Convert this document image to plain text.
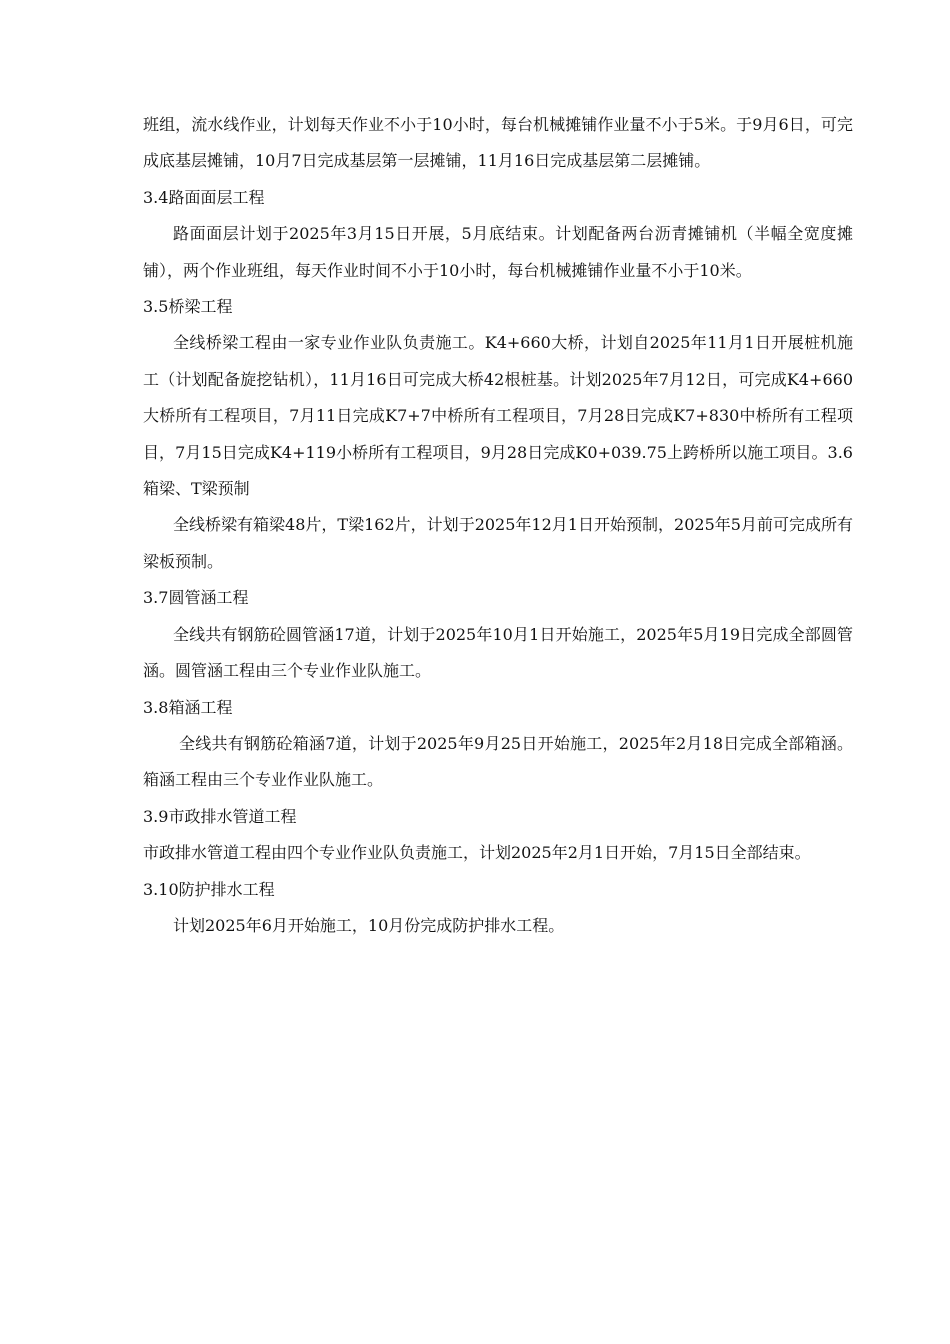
班组，流水线作业，计划每天作业不小于10小时，每台机械摊铺作业量不小于5米。于9月6日，可完成底基层摊铺，10月7日完成基层第一层摊铺，11月16日完成基层第二层摊铺。

3.4路面面层工程

路面面层计划于2025年3月15日开展，5月底结束。计划配备两台沥青摊铺机（半幅全宽度摊铺），两个作业班组，每天作业时间不小于10小时，每台机械摊铺作业量不小于10米。

3.5桥梁工程

全线桥梁工程由一家专业作业队负责施工。K4+660大桥，计划自2025年11月1日开展桩机施工（计划配备旋挖钻机），11月16日可完成大桥42根桩基。计划2025年7月12日，可完成K4+660大桥所有工程项目，7月11日完成K7+7中桥所有工程项目，7月28日完成K7+830中桥所有工程项目，7月15日完成K4+119小桥所有工程项目，9月28日完成K0+039.75上跨桥所以施工项目。3.6箱梁、T梁预制

全线桥梁有箱梁48片，T梁162片，计划于2025年12月1日开始预制，2025年5月前可完成所有梁板预制。

3.7圆管涵工程

全线共有钢筋砼圆管涵17道，计划于2025年10月1日开始施工，2025年5月19日完成全部圆管涵。圆管涵工程由三个专业作业队施工。

3.8箱涵工程

全线共有钢筋砼箱涵7道，计划于2025年9月25日开始施工，2025年2月18日完成全部箱涵。箱涵工程由三个专业作业队施工。

3.9市政排水管道工程

市政排水管道工程由四个专业作业队负责施工，计划2025年2月1日开始，7月15日全部结束。

3.10防护排水工程

计划2025年6月开始施工，10月份完成防护排水工程。
